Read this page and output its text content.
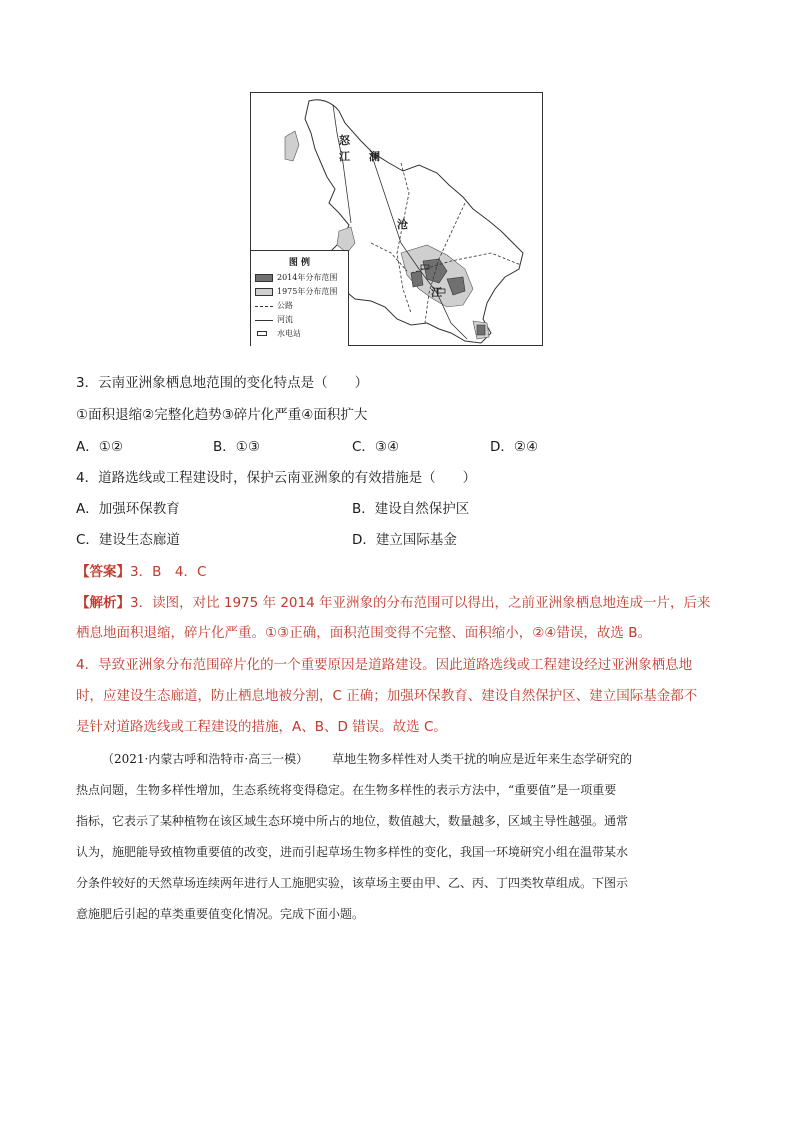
怒
江 澜
沧
江
图 例
2014年分布范围
1975年分布范围
公路
河流
水电站
3．云南亚洲象栖息地范围的变化特点是（　　）
①面积退缩②完整化趋势③碎片化严重④面积扩大
A．①②	B．①③	C．③④	D．②④
4．道路选线或工程建设时，保护云南亚洲象的有效措施是（　　）
A．加强环保教育	B．建设自然保护区
C．建设生态廊道	D．建立国际基金
【答案】3．B　4．C
【解析】3．读图，对比 1975 年 2014 年亚洲象的分布范围可以得出，之前亚洲象栖息地连成一片，后来
栖息地面积退缩，碎片化严重。①③正确，面积范围变得不完整、面积缩小，②④错误，故选 B。
4．导致亚洲象分布范围碎片化的一个重要原因是道路建设。因此道路选线或工程建设经过亚洲象栖息地
时，应建设生态廊道，防止栖息地被分割，C 正确；加强环保教育、建设自然保护区、建立国际基金都不
是针对道路选线或工程建设的措施，A、B、D 错误。故选 C。
（2021·内蒙古呼和浩特市·高三一模） 草地生物多样性对人类干扰的响应是近年来生态学研究的
热点问题，生物多样性增加，生态系统将变得稳定。在生物多样性的表示方法中，“重要值”是一项重要
指标，它表示了某种植物在该区域生态环境中所占的地位，数值越大，数量越多，区域主导性越强。通常
认为，施肥能导致植物重要值的改变，进而引起草场生物多样性的变化，我国一环境研究小组在温带某水
分条件较好的天然草场连续两年进行人工施肥实验，该草场主要由甲、乙、丙、丁四类牧草组成。下图示
意施肥后引起的草类重要值变化情况。完成下面小题。
